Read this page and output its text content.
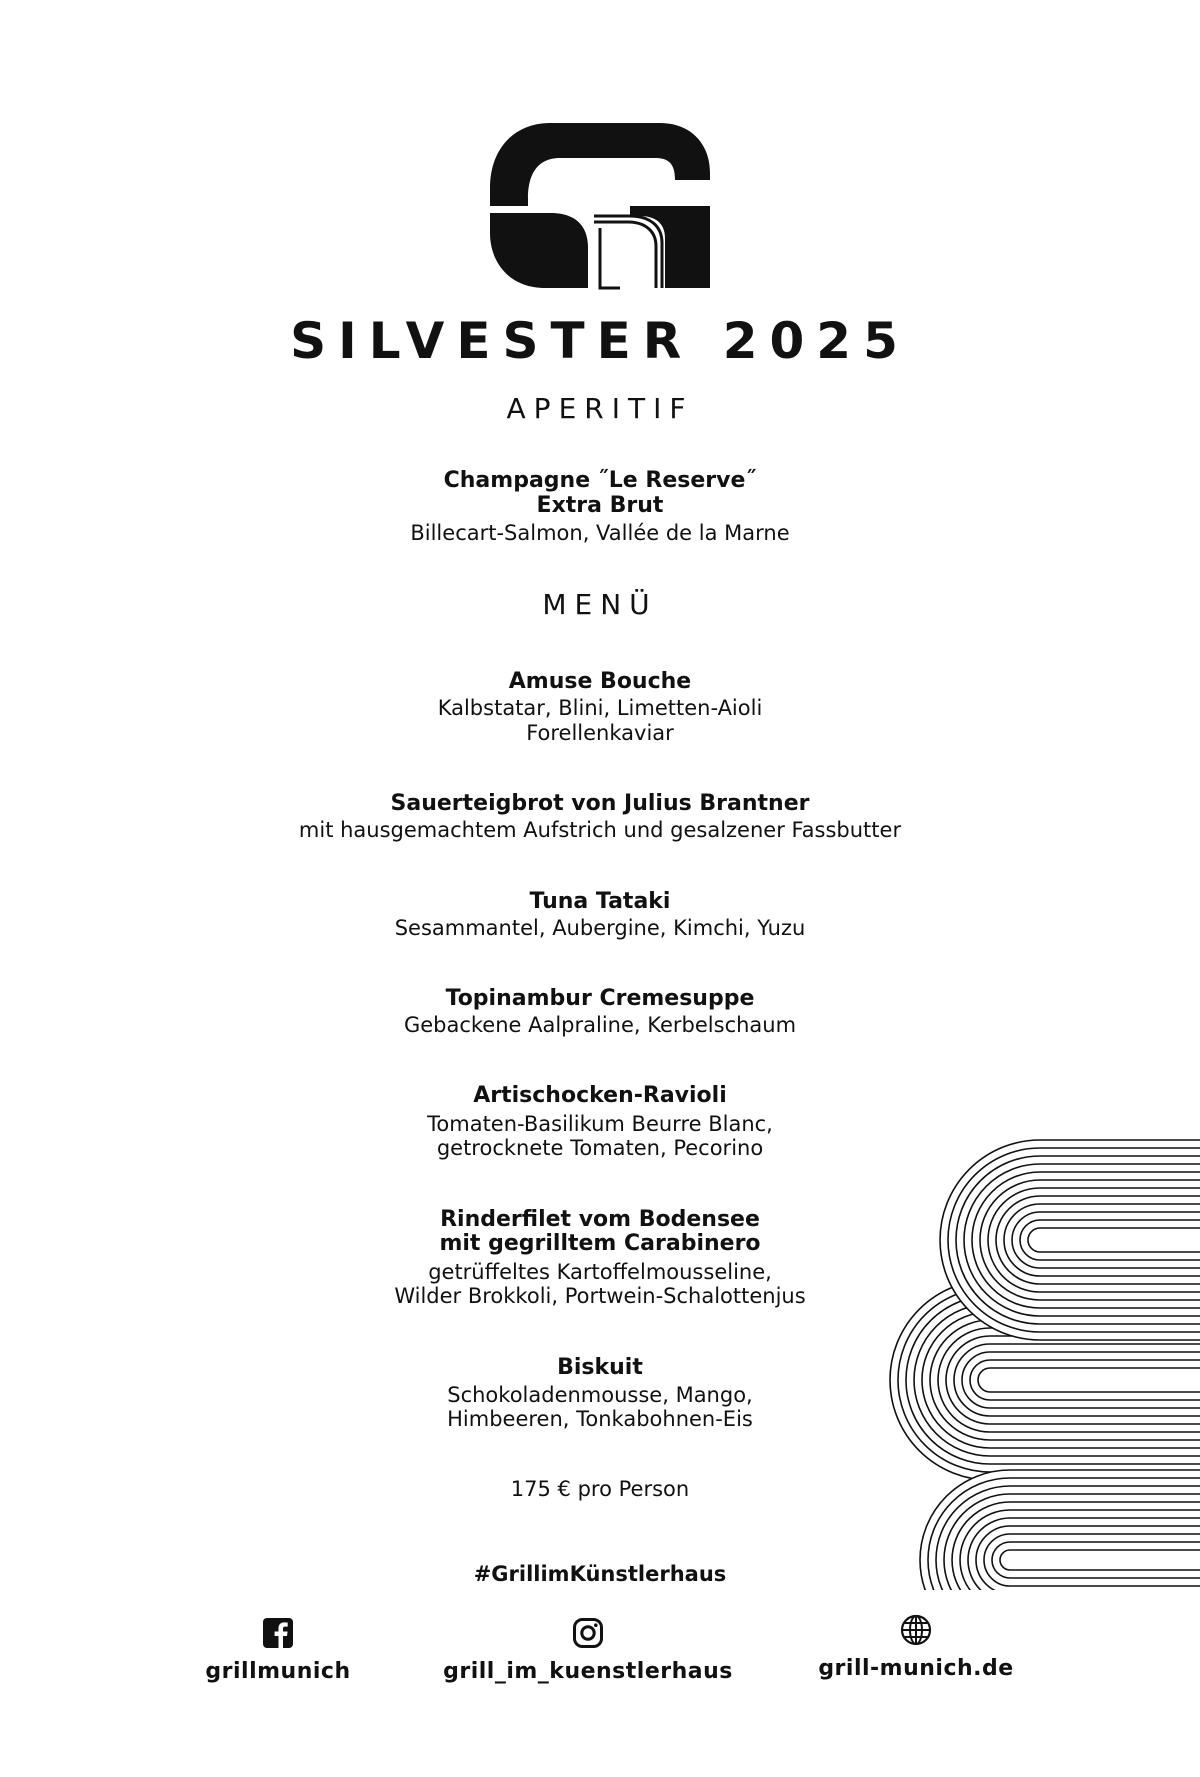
SILVESTER 2025
APERITIF
Champagne ˝Le Reserve˝
Extra Brut
Billecart-Salmon, Vallée de la Marne
MENÜ
Amuse Bouche
Kalbstatar, Blini, Limetten-Aioli
Forellenkaviar
Sauerteigbrot von Julius Brantner
mit hausgemachtem Aufstrich und gesalzener Fassbutter
Tuna Tataki
Sesammantel, Aubergine, Kimchi, Yuzu
Topinambur Cremesuppe
Gebackene Aalpraline, Kerbelschaum
Artischocken-Ravioli
Tomaten-Basilikum Beurre Blanc,
getrocknete Tomaten, Pecorino
Rinderfilet vom Bodensee
mit gegrilltem Carabinero
getrüffeltes Kartoffelmousseline,
Wilder Brokkoli, Portwein-Schalottenjus
Biskuit
Schokoladenmousse, Mango,
Himbeeren, Tonkabohnen-Eis
175 € pro Person
#GrillimKünstlerhaus
grillmunich	grill_im_kuenstlerhaus	grill-munich.de
